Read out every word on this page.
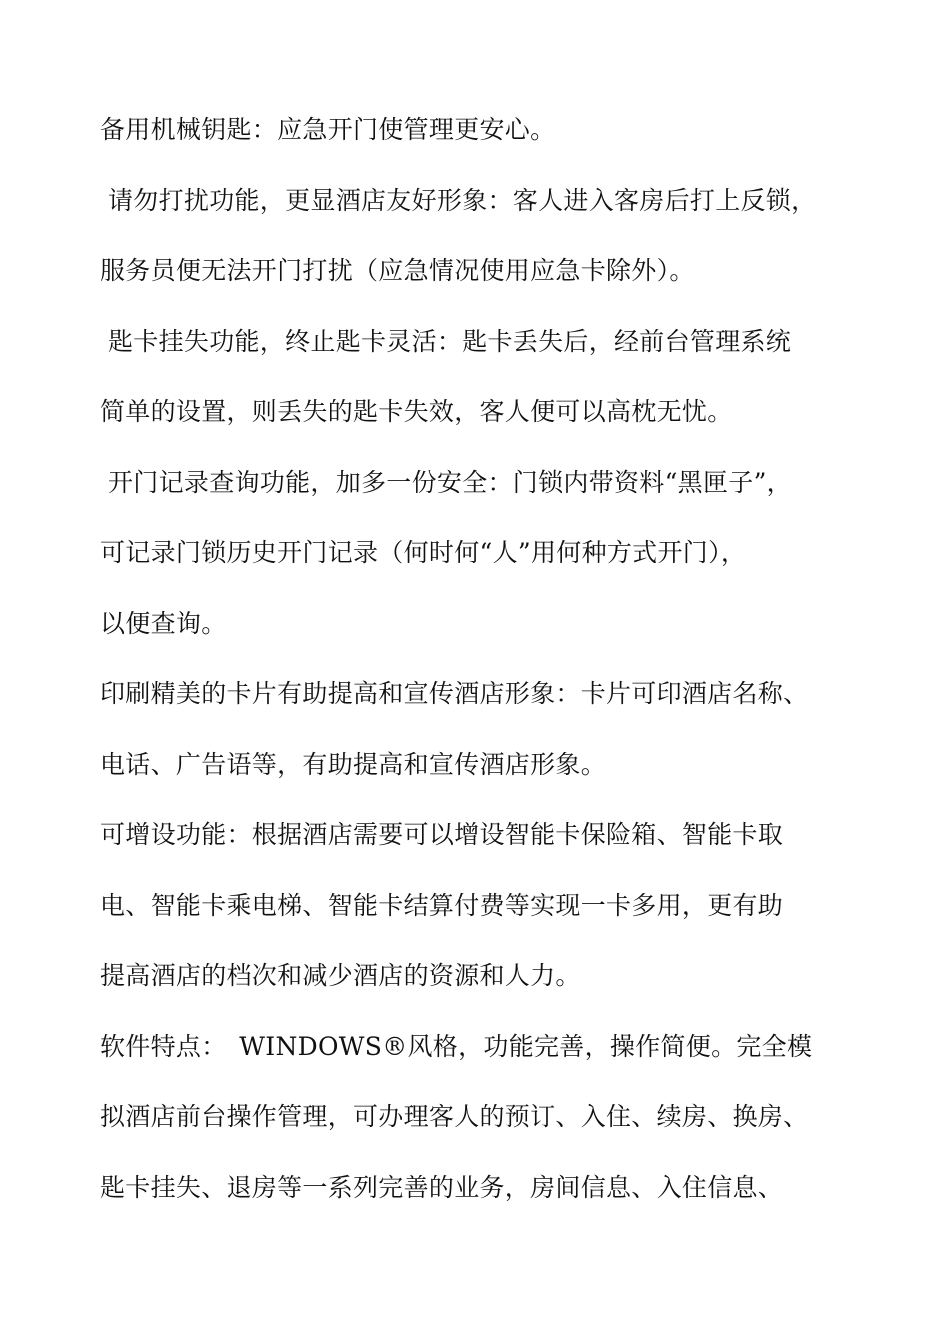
备用机械钥匙：应急开门使管理更安心。
请勿打扰功能，更显酒店友好形象：客人进入客房后打上反锁，
服务员便无法开门打扰（应急情况使用应急卡除外）。
匙卡挂失功能，终止匙卡灵活：匙卡丢失后，经前台管理系统
简单的设置，则丢失的匙卡失效，客人便可以高枕无忧。
开门记录查询功能，加多一份安全：门锁内带资料“黑匣子”，
可记录门锁历史开门记录（何时何“人”用何种方式开门），
以便查询。
印刷精美的卡片有助提高和宣传酒店形象：卡片可印酒店名称、
电话、广告语等，有助提高和宣传酒店形象。
可增设功能：根据酒店需要可以增设智能卡保险箱、智能卡取
电、智能卡乘电梯、智能卡结算付费等实现一卡多用，更有助
提高酒店的档次和减少酒店的资源和人力。
软件特点：　WINDOWS®风格，功能完善，操作简便。完全模
拟酒店前台操作管理，可办理客人的预订、入住、续房、换房、
匙卡挂失、退房等一系列完善的业务，房间信息、入住信息、
